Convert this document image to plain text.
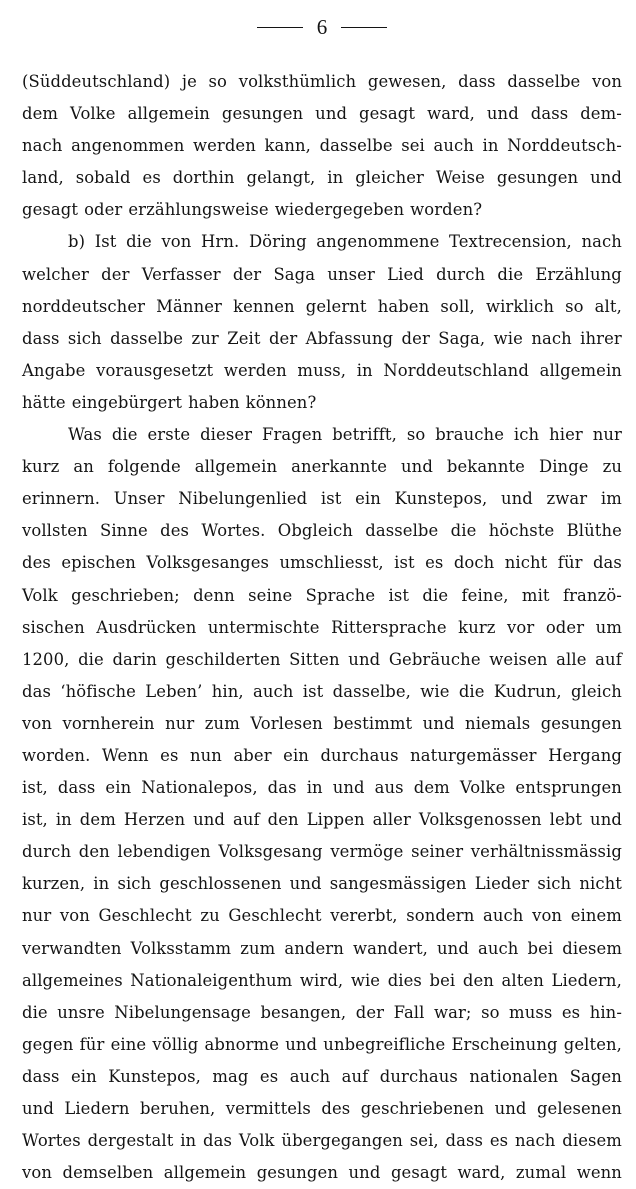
6
(Süddeutschland) je so volksthümlich gewesen, dass dasselbe von
dem Volke allgemein gesungen und gesagt ward, und dass dem-
nach angenommen werden kann, dasselbe sei auch in Norddeutsch-
land, sobald es dorthin gelangt, in gleicher Weise gesungen und
gesagt oder erzählungsweise wiedergegeben worden?
b) Ist die von Hrn. Döring angenommene Textrecension, nach
welcher der Verfasser der Saga unser Lied durch die Erzählung
norddeutscher Männer kennen gelernt haben soll, wirklich so alt,
dass sich dasselbe zur Zeit der Abfassung der Saga, wie nach ihrer
Angabe vorausgesetzt werden muss, in Norddeutschland allgemein
hätte eingebürgert haben können?
Was die erste dieser Fragen betrifft, so brauche ich hier nur
kurz an folgende allgemein anerkannte und bekannte Dinge zu
erinnern. Unser Nibelungenlied ist ein Kunstepos, und zwar im
vollsten Sinne des Wortes. Obgleich dasselbe die höchste Blüthe
des epischen Volksgesanges umschliesst, ist es doch nicht für das
Volk geschrieben; denn seine Sprache ist die feine, mit franzö-
sischen Ausdrücken untermischte Rittersprache kurz vor oder um
1200, die darin geschilderten Sitten und Gebräuche weisen alle auf
das ‘höfische Leben’ hin, auch ist dasselbe, wie die Kudrun, gleich
von vornherein nur zum Vorlesen bestimmt und niemals gesungen
worden. Wenn es nun aber ein durchaus naturgemässer Hergang
ist, dass ein Nationalepos, das in und aus dem Volke entsprungen
ist, in dem Herzen und auf den Lippen aller Volksgenossen lebt und
durch den lebendigen Volksgesang vermöge seiner verhältnissmässig
kurzen, in sich geschlossenen und sangesmässigen Lieder sich nicht
nur von Geschlecht zu Geschlecht vererbt, sondern auch von einem
verwandten Volksstamm zum andern wandert, und auch bei diesem
allgemeines Nationaleigenthum wird, wie dies bei den alten Liedern,
die unsre Nibelungensage besangen, der Fall war; so muss es hin-
gegen für eine völlig abnorme und unbegreifliche Erscheinung gelten,
dass ein Kunstepos, mag es auch auf durchaus nationalen Sagen
und Liedern beruhen, vermittels des geschriebenen und gelesenen
Wortes dergestalt in das Volk übergegangen sei, dass es nach diesem
von demselben allgemein gesungen und gesagt ward, zumal wenn
